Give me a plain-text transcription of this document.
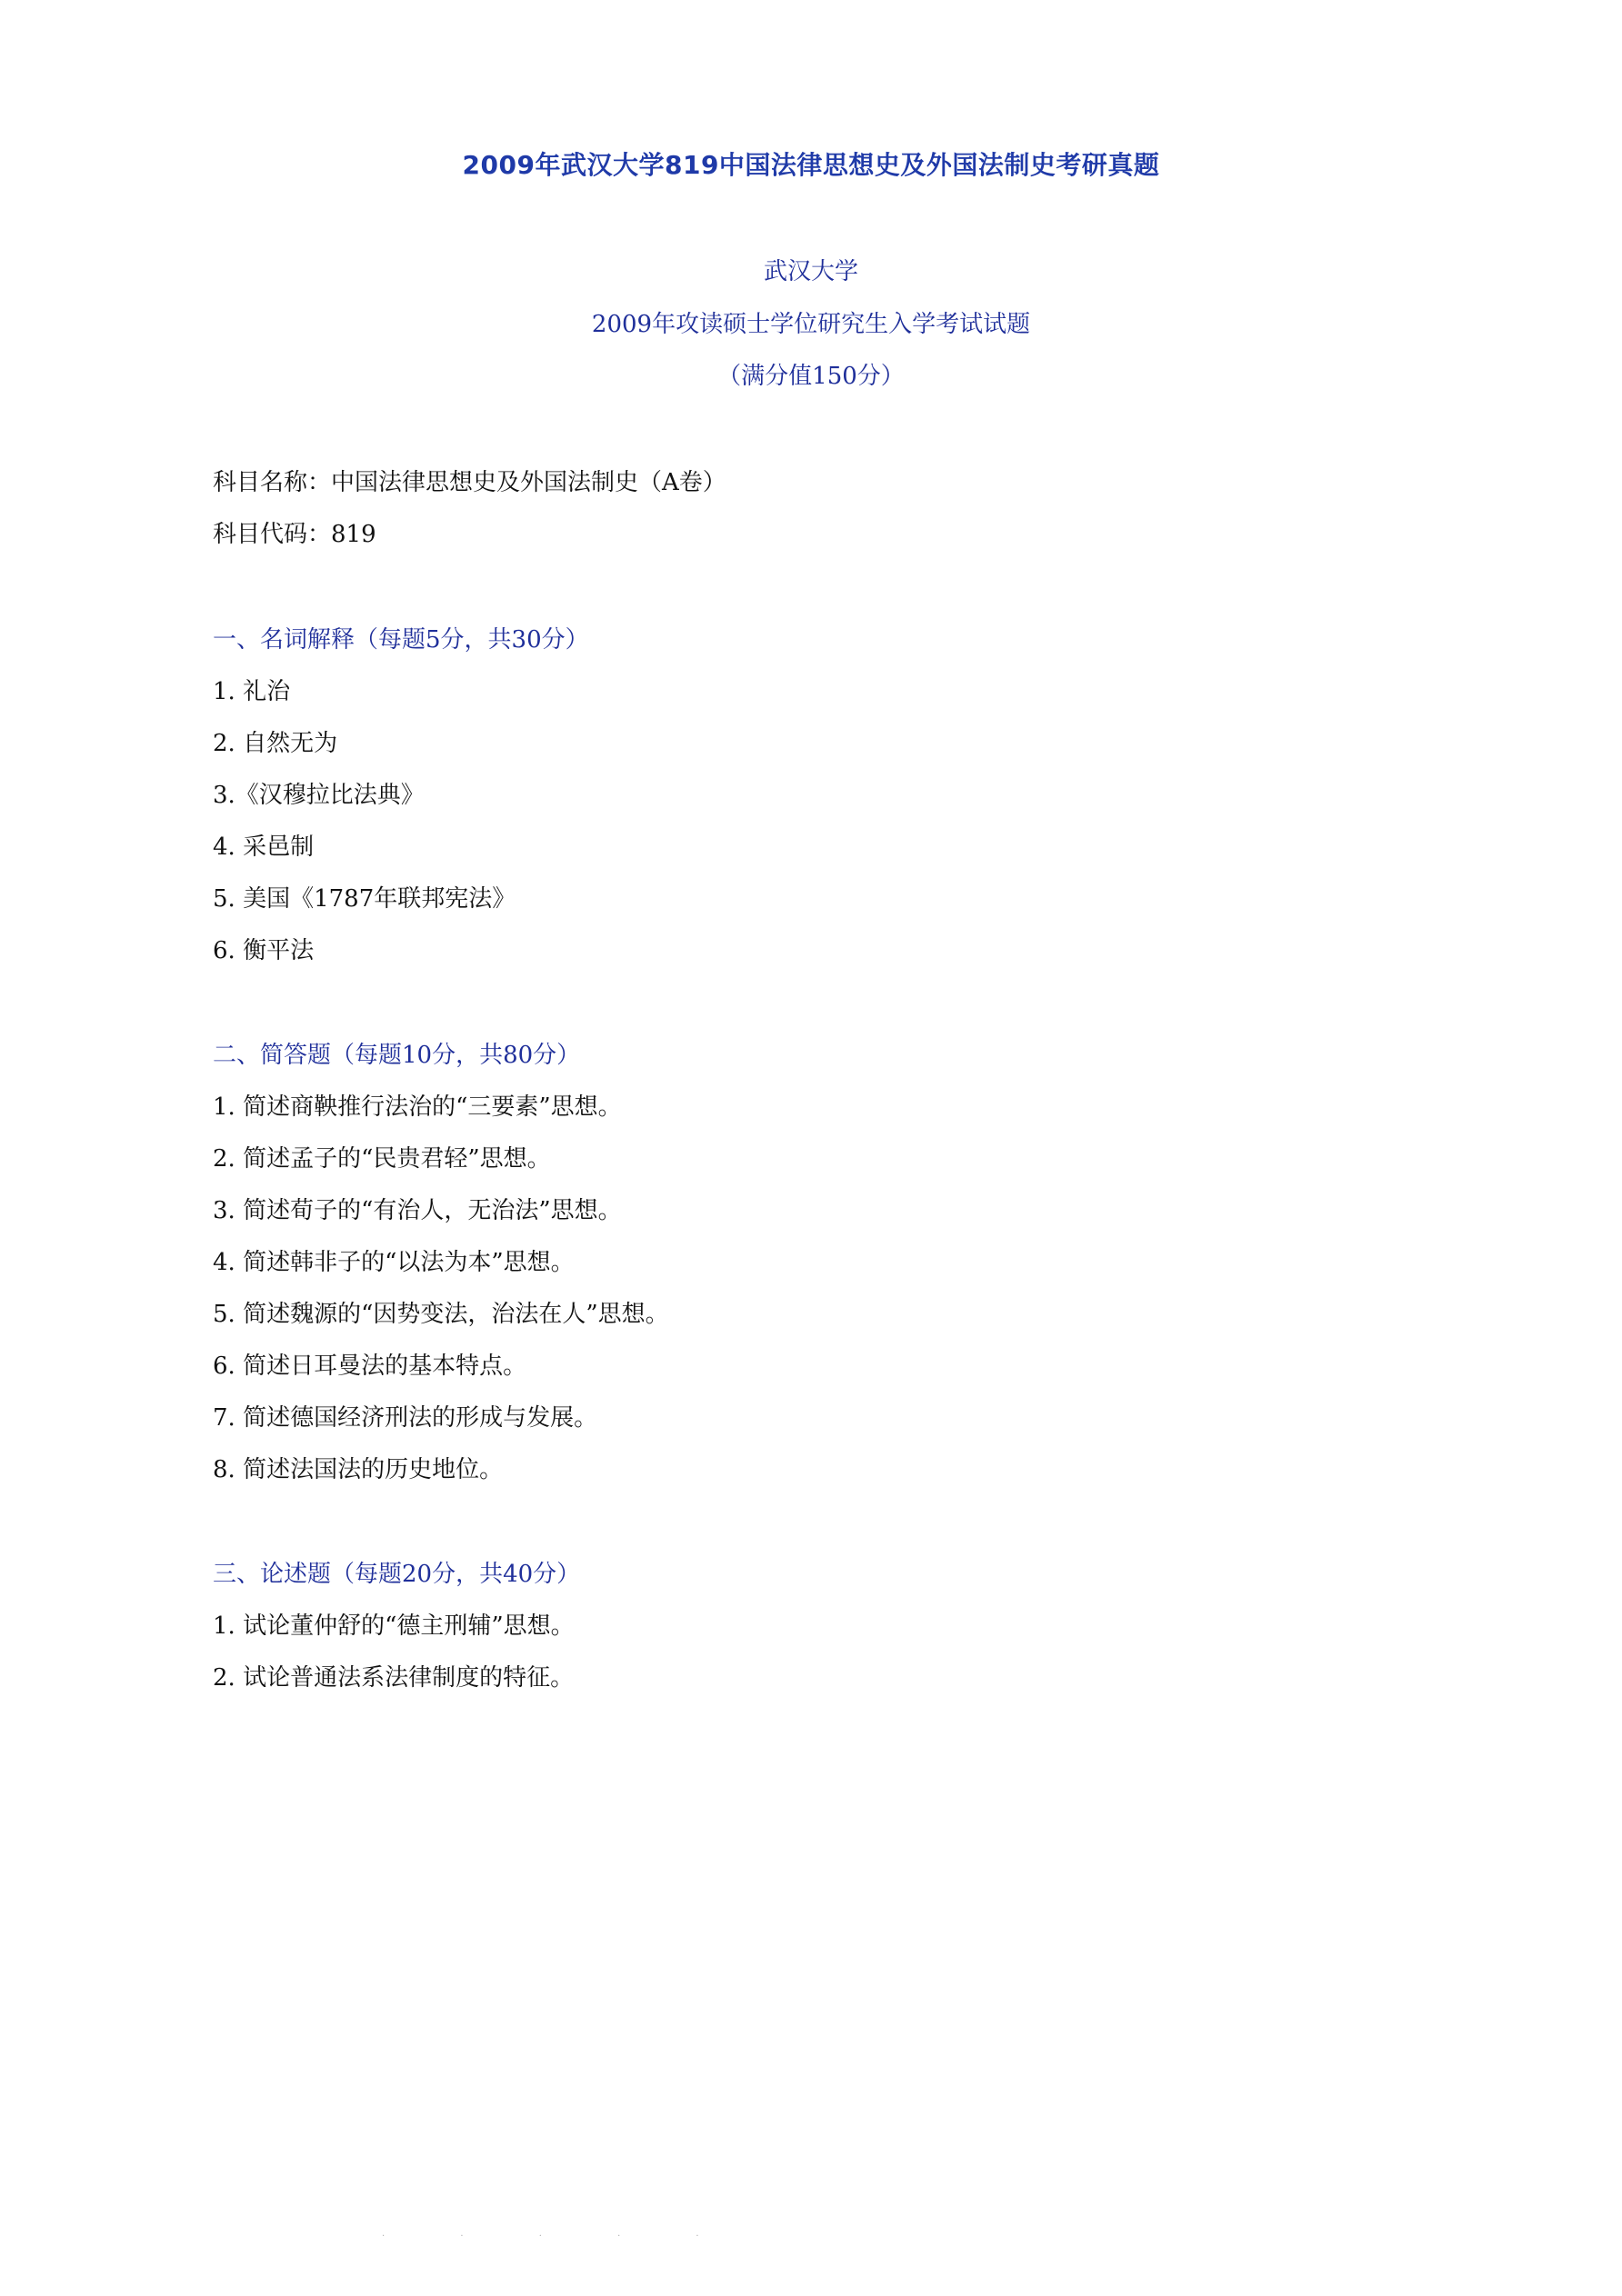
2009年武汉大学819中国法律思想史及外国法制史考研真题
武汉大学
2009年攻读硕士学位研究生入学考试试题
（满分值150分）
科目名称：中国法律思想史及外国法制史（A卷）
科目代码：819
一、名词解释（每题5分，共30分）
1. 礼治
2. 自然无为
3.《汉穆拉比法典》
4. 采邑制
5. 美国《1787年联邦宪法》
6. 衡平法
二、简答题（每题10分，共80分）
1. 简述商鞅推行法治的“三要素”思想。
2. 简述孟子的“民贵君轻”思想。
3. 简述荀子的“有治人，无治法”思想。
4. 简述韩非子的“以法为本”思想。
5. 简述魏源的“因势变法，治法在人”思想。
6. 简述日耳曼法的基本特点。
7. 简述德国经济刑法的形成与发展。
8. 简述法国法的历史地位。
三、论述题（每题20分，共40分）
1. 试论董仲舒的“德主刑辅”思想。
2. 试论普通法系法律制度的特征。
· · · · ·
